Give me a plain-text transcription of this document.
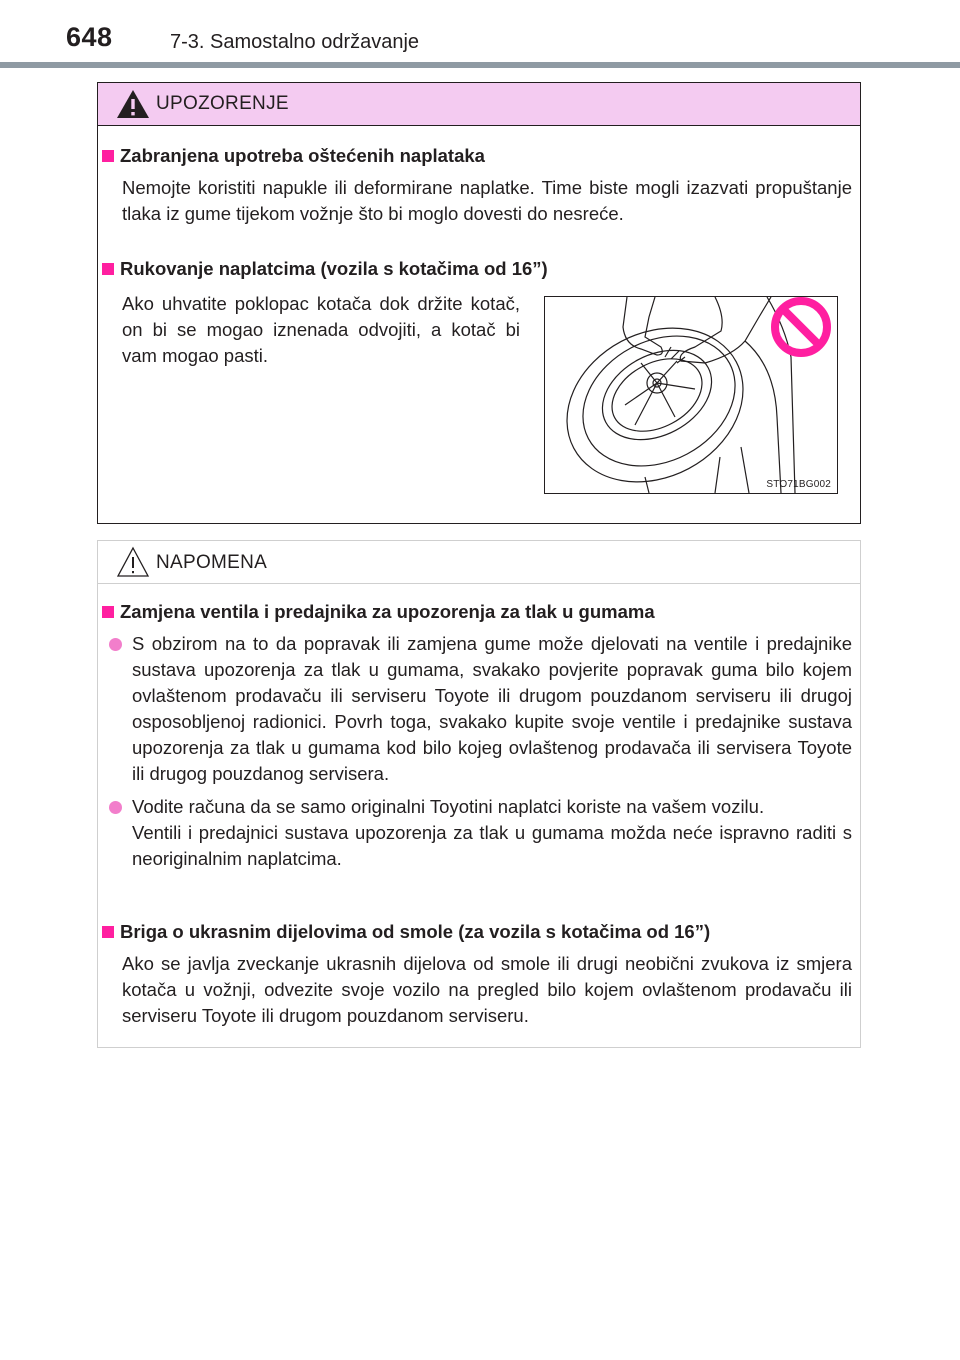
648	7-3. Samostalno održavanje
UPOZORENJE
Zabranjena upotreba oštećenih naplataka
Nemojte koristiti napukle ili deformirane naplatke. Time biste mogli izazvati propuštanje tlaka iz gume tijekom vožnje što bi moglo dovesti do nesreće.
Rukovanje naplatcima (vozila s kotačima od 16”)
Ako uhvatite poklopac kotača dok držite kotač, on bi se mogao iznenada odvojiti, a kotač bi vam mogao pasti.
STO71BG002
NAPOMENA
Zamjena ventila i predajnika za upozorenja za tlak u gumama
S obzirom na to da popravak ili zamjena gume može djelovati na ventile i predajnike sustava upozorenja za tlak u gumama, svakako povjerite popravak guma bilo kojem ovlaštenom prodavaču ili serviseru Toyote ili drugom pouzdanom serviseru ili drugoj osposobljenoj radionici. Povrh toga, svakako kupite svoje ventile i predajnike sustava upozorenja za tlak u gumama kod bilo kojeg ovlaštenog prodavača ili servisera Toyote ili drugog pouzdanog servisera.
Vodite računa da se samo originalni Toyotini naplatci koriste na vašem vozilu.
Ventili i predajnici sustava upozorenja za tlak u gumama možda neće ispravno raditi s neoriginalnim naplatcima.
Briga o ukrasnim dijelovima od smole (za vozila s kotačima od 16”)
Ako se javlja zveckanje ukrasnih dijelova od smole ili drugi neobični zvukova iz smjera kotača u vožnji, odvezite svoje vozilo na pregled bilo kojem ovlaštenom prodavaču ili serviseru Toyote ili drugom pouzdanom serviseru.
